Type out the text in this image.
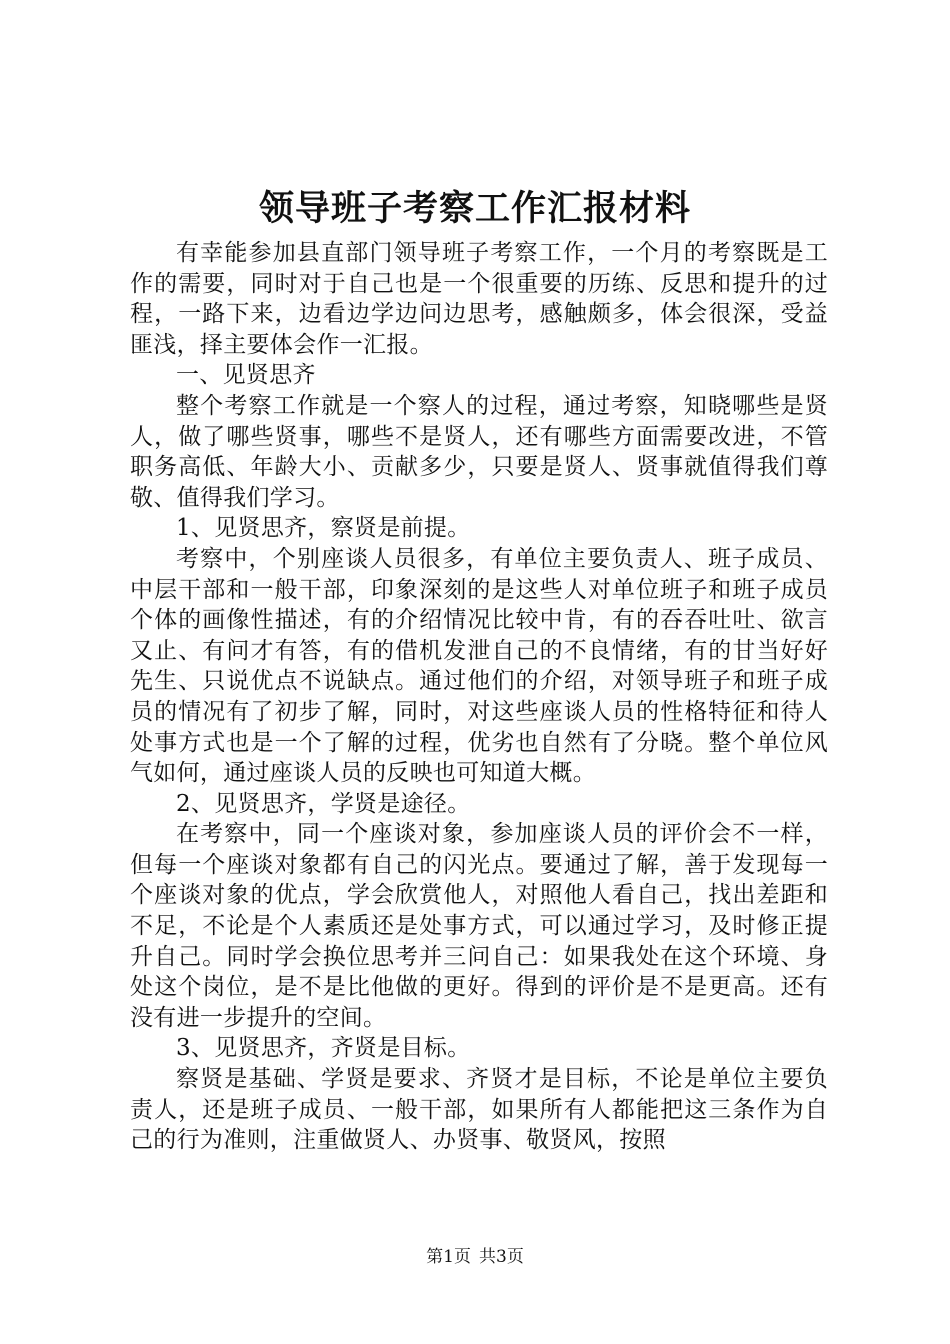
领导班子考察工作汇报材料

有幸能参加县直部门领导班子考察工作，一个月的考察既是工作的需要，同时对于自己也是一个很重要的历练、反思和提升的过程，一路下来，边看边学边问边思考，感触颇多，体会很深，受益匪浅，择主要体会作一汇报。

一、见贤思齐

整个考察工作就是一个察人的过程，通过考察，知晓哪些是贤人，做了哪些贤事，哪些不是贤人，还有哪些方面需要改进，不管职务高低、年龄大小、贡献多少，只要是贤人、贤事就值得我们尊敬、值得我们学习。

1、见贤思齐，察贤是前提。

考察中，个别座谈人员很多，有单位主要负责人、班子成员、中层干部和一般干部，印象深刻的是这些人对单位班子和班子成员个体的画像性描述，有的介绍情况比较中肯，有的吞吞吐吐、欲言又止、有问才有答，有的借机发泄自己的不良情绪，有的甘当好好先生、只说优点不说缺点。通过他们的介绍，对领导班子和班子成员的情况有了初步了解，同时，对这些座谈人员的性格特征和待人处事方式也是一个了解的过程，优劣也自然有了分晓。整个单位风气如何，通过座谈人员的反映也可知道大概。

2、见贤思齐，学贤是途径。

在考察中，同一个座谈对象，参加座谈人员的评价会不一样，但每一个座谈对象都有自己的闪光点。要通过了解，善于发现每一个座谈对象的优点，学会欣赏他人，对照他人看自己，找出差距和不足，不论是个人素质还是处事方式，可以通过学习，及时修正提升自己。同时学会换位思考并三问自己：如果我处在这个环境、身处这个岗位，是不是比他做的更好。得到的评价是不是更高。还有没有进一步提升的空间。

3、见贤思齐，齐贤是目标。

察贤是基础、学贤是要求、齐贤才是目标，不论是单位主要负责人，还是班子成员、一般干部，如果所有人都能把这三条作为自己的行为准则，注重做贤人、办贤事、敬贤风，按照

第1页 共3页
